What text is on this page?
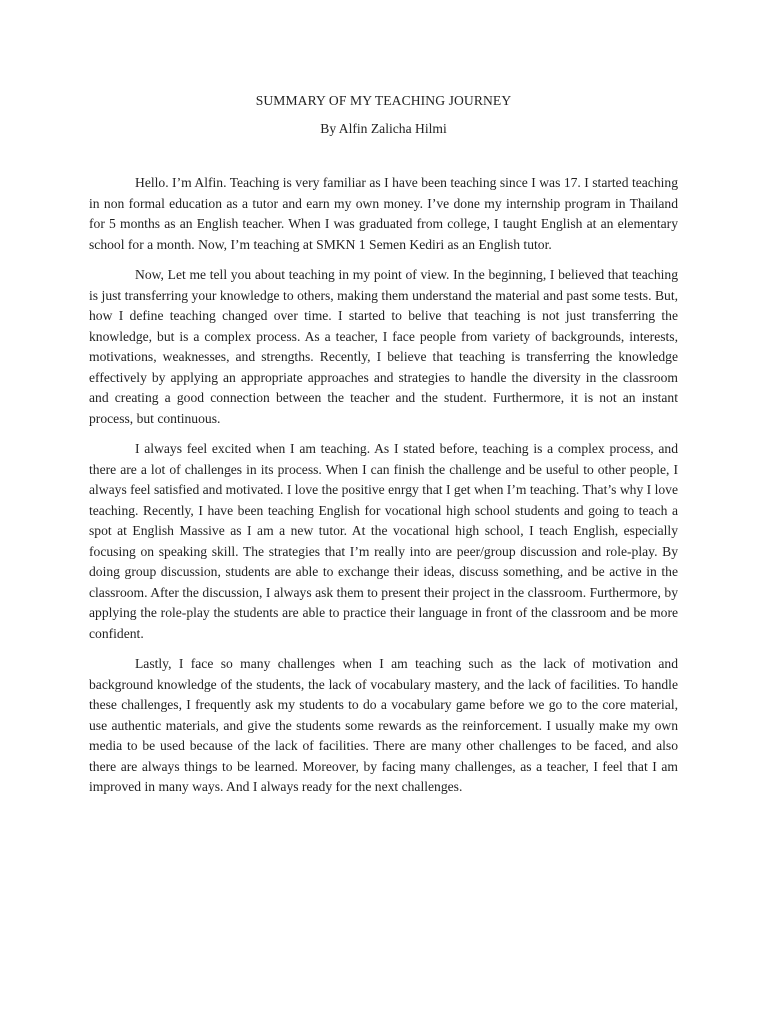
SUMMARY OF MY TEACHING JOURNEY
By Alfin Zalicha Hilmi

Hello. I’m Alfin. Teaching is very familiar as I have been teaching since I was 17. I started teaching in non formal education as a tutor and earn my own money. I’ve done my internship program in Thailand for 5 months as an English teacher. When I was graduated from college, I taught English at an elementary school for a month. Now, I’m teaching at SMKN 1 Semen Kediri as an English tutor.

Now, Let me tell you about teaching in my point of view. In the beginning, I believed that teaching is just transferring your knowledge to others, making them understand the material and past some tests. But, how I define teaching changed over time. I started to belive that teaching is not just transferring the knowledge, but is a complex process. As a teacher, I face people from variety of backgrounds, interests, motivations, weaknesses, and strengths. Recently, I believe that teaching is transferring the knowledge effectively by applying an appropriate approaches and strategies to handle the diversity in the classroom and creating a good connection between the teacher and the student. Furthermore, it is not an instant process, but continuous.

I always feel excited when I am teaching. As I stated before, teaching is a complex process, and there are a lot of challenges in its process. When I can finish the challenge and be useful to other people, I always feel satisfied and motivated. I love the positive enrgy that I get when I’m teaching. That’s why I love teaching. Recently, I have been teaching English for vocational high school students and going to teach a spot at English Massive as I am a new tutor. At the vocational high school, I teach English, especially focusing on speaking skill. The strategies that I’m really into are peer/group discussion and role-play. By doing group discussion, students are able to exchange their ideas, discuss something, and be active in the classroom. After the discussion, I always ask them to present their project in the classroom. Furthermore, by applying the role-play the students are able to practice their language in front of the classroom and be more confident.

Lastly, I face so many challenges when I am teaching such as the lack of motivation and background knowledge of the students, the lack of vocabulary mastery, and the lack of facilities. To handle these challenges, I frequently ask my students to do a vocabulary game before we go to the core material, use authentic materials, and give the students some rewards as the reinforcement. I usually make my own media to be used because of the lack of facilities. There are many other challenges to be faced, and also there are always things to be learned. Moreover, by facing many challenges, as a teacher, I feel that I am improved in many ways. And I always ready for the next challenges.
